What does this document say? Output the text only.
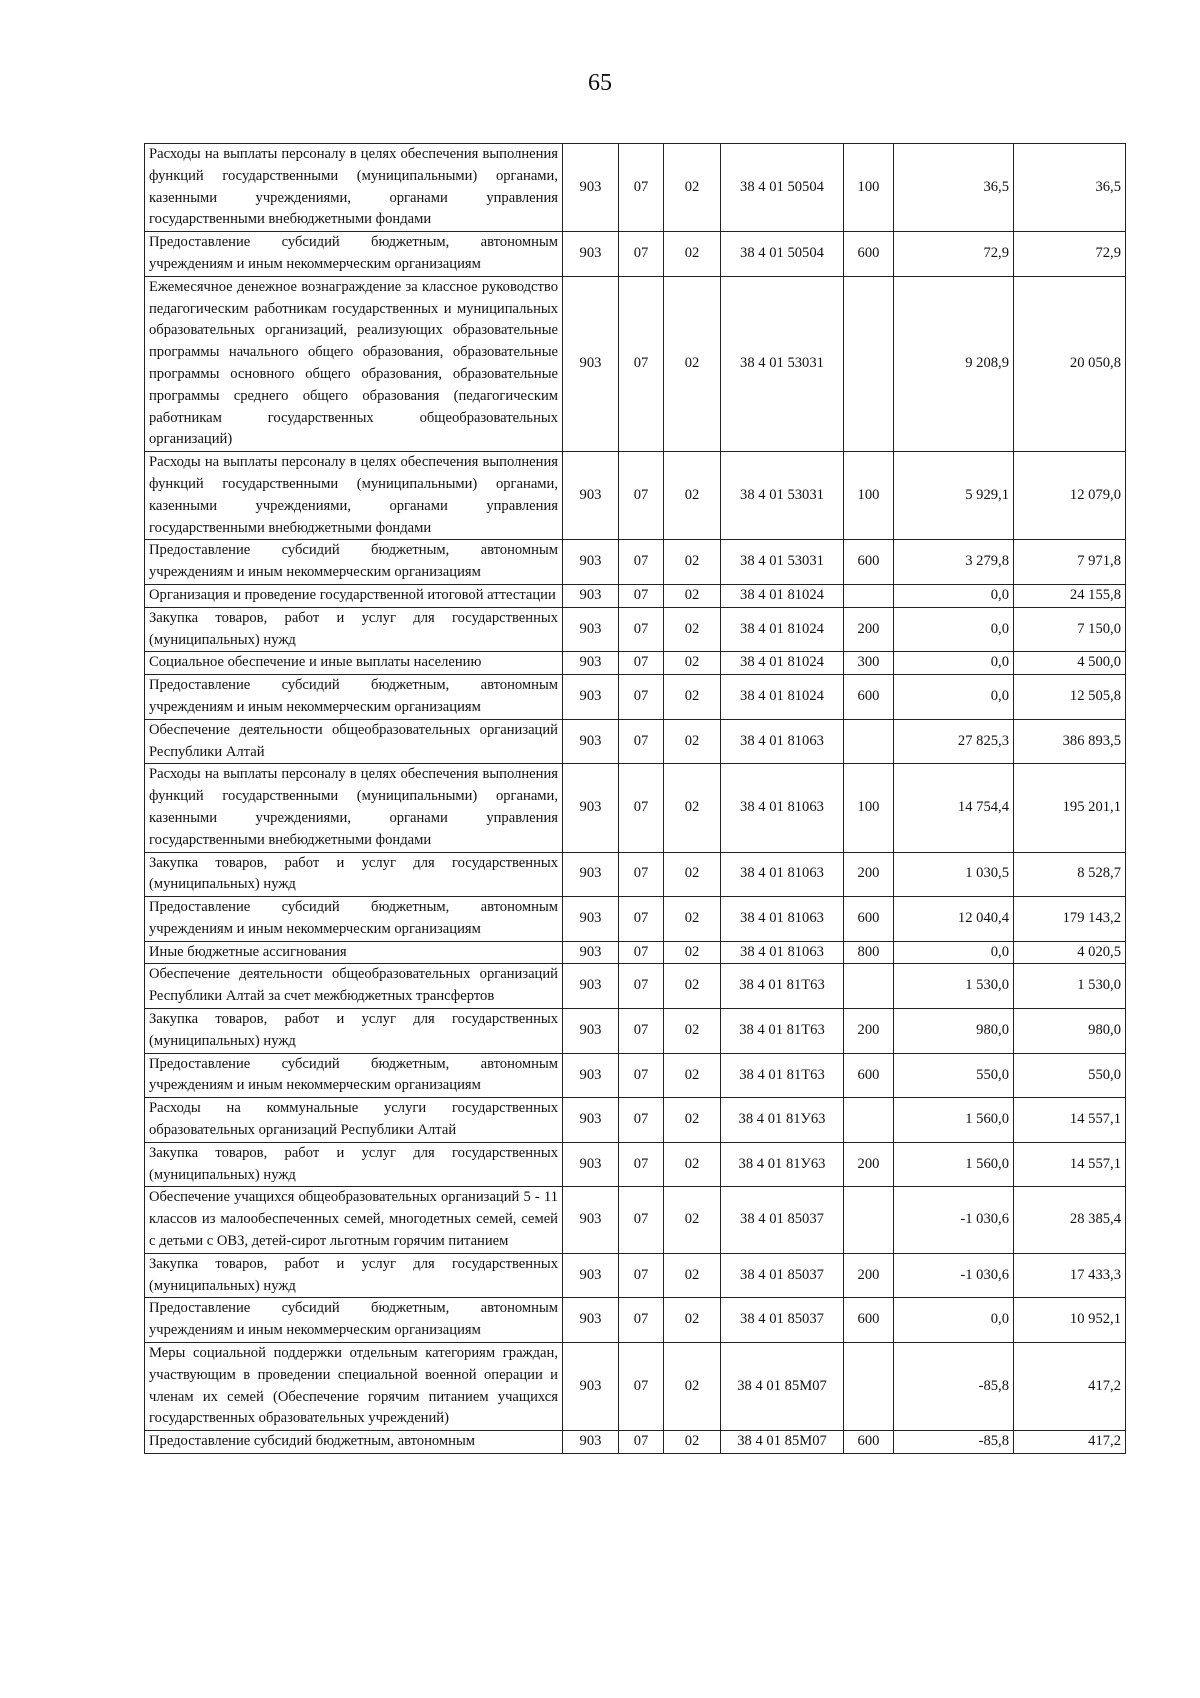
65
Расходы на выплаты персоналу в целях обеспечения выполнения функций государственными (муниципальными) органами, казенными учреждениями, органами управления государственными внебюджетными фондами	903	07	02	38 4 01 50504	100	36,5	36,5
Предоставление субсидий бюджетным, автономным учреждениям и иным некоммерческим организациям	903	07	02	38 4 01 50504	600	72,9	72,9
Ежемесячное денежное вознаграждение за классное руководство педагогическим работникам государственных и муниципальных образовательных организаций, реализующих образовательные программы начального общего образования, образовательные программы основного общего образования, образовательные программы среднего общего образования (педагогическим работникам государственных общеобразовательных организаций)	903	07	02	38 4 01 53031		9 208,9	20 050,8
Расходы на выплаты персоналу в целях обеспечения выполнения функций государственными (муниципальными) органами, казенными учреждениями, органами управления государственными внебюджетными фондами	903	07	02	38 4 01 53031	100	5 929,1	12 079,0
Предоставление субсидий бюджетным, автономным учреждениям и иным некоммерческим организациям	903	07	02	38 4 01 53031	600	3 279,8	7 971,8
Организация и проведение государственной итоговой аттестации	903	07	02	38 4 01 81024		0,0	24 155,8
Закупка товаров, работ и услуг для государственных (муниципальных) нужд	903	07	02	38 4 01 81024	200	0,0	7 150,0
Социальное обеспечение и иные выплаты населению	903	07	02	38 4 01 81024	300	0,0	4 500,0
Предоставление субсидий бюджетным, автономным учреждениям и иным некоммерческим организациям	903	07	02	38 4 01 81024	600	0,0	12 505,8
Обеспечение деятельности общеобразовательных организаций Республики Алтай	903	07	02	38 4 01 81063		27 825,3	386 893,5
Расходы на выплаты персоналу в целях обеспечения выполнения функций государственными (муниципальными) органами, казенными учреждениями, органами управления государственными внебюджетными фондами	903	07	02	38 4 01 81063	100	14 754,4	195 201,1
Закупка товаров, работ и услуг для государственных (муниципальных) нужд	903	07	02	38 4 01 81063	200	1 030,5	8 528,7
Предоставление субсидий бюджетным, автономным учреждениям и иным некоммерческим организациям	903	07	02	38 4 01 81063	600	12 040,4	179 143,2
Иные бюджетные ассигнования	903	07	02	38 4 01 81063	800	0,0	4 020,5
Обеспечение деятельности общеобразовательных организаций Республики Алтай за счет межбюджетных трансфертов	903	07	02	38 4 01 81Т63		1 530,0	1 530,0
Закупка товаров, работ и услуг для государственных (муниципальных) нужд	903	07	02	38 4 01 81Т63	200	980,0	980,0
Предоставление субсидий бюджетным, автономным учреждениям и иным некоммерческим организациям	903	07	02	38 4 01 81Т63	600	550,0	550,0
Расходы на коммунальные услуги государственных образовательных организаций Республики Алтай	903	07	02	38 4 01 81У63		1 560,0	14 557,1
Закупка товаров, работ и услуг для государственных (муниципальных) нужд	903	07	02	38 4 01 81У63	200	1 560,0	14 557,1
Обеспечение учащихся общеобразовательных организаций 5 - 11 классов из малообеспеченных семей, многодетных семей, семей с детьми с ОВЗ, детей-сирот льготным горячим питанием	903	07	02	38 4 01 85037		-1 030,6	28 385,4
Закупка товаров, работ и услуг для государственных (муниципальных) нужд	903	07	02	38 4 01 85037	200	-1 030,6	17 433,3
Предоставление субсидий бюджетным, автономным учреждениям и иным некоммерческим организациям	903	07	02	38 4 01 85037	600	0,0	10 952,1
Меры социальной поддержки отдельным категориям граждан, участвующим в проведении специальной военной операции и членам их семей (Обеспечение горячим питанием учащихся государственных образовательных учреждений)	903	07	02	38 4 01 85М07		-85,8	417,2
Предоставление субсидий бюджетным, автономным	903	07	02	38 4 01 85М07	600	-85,8	417,2
